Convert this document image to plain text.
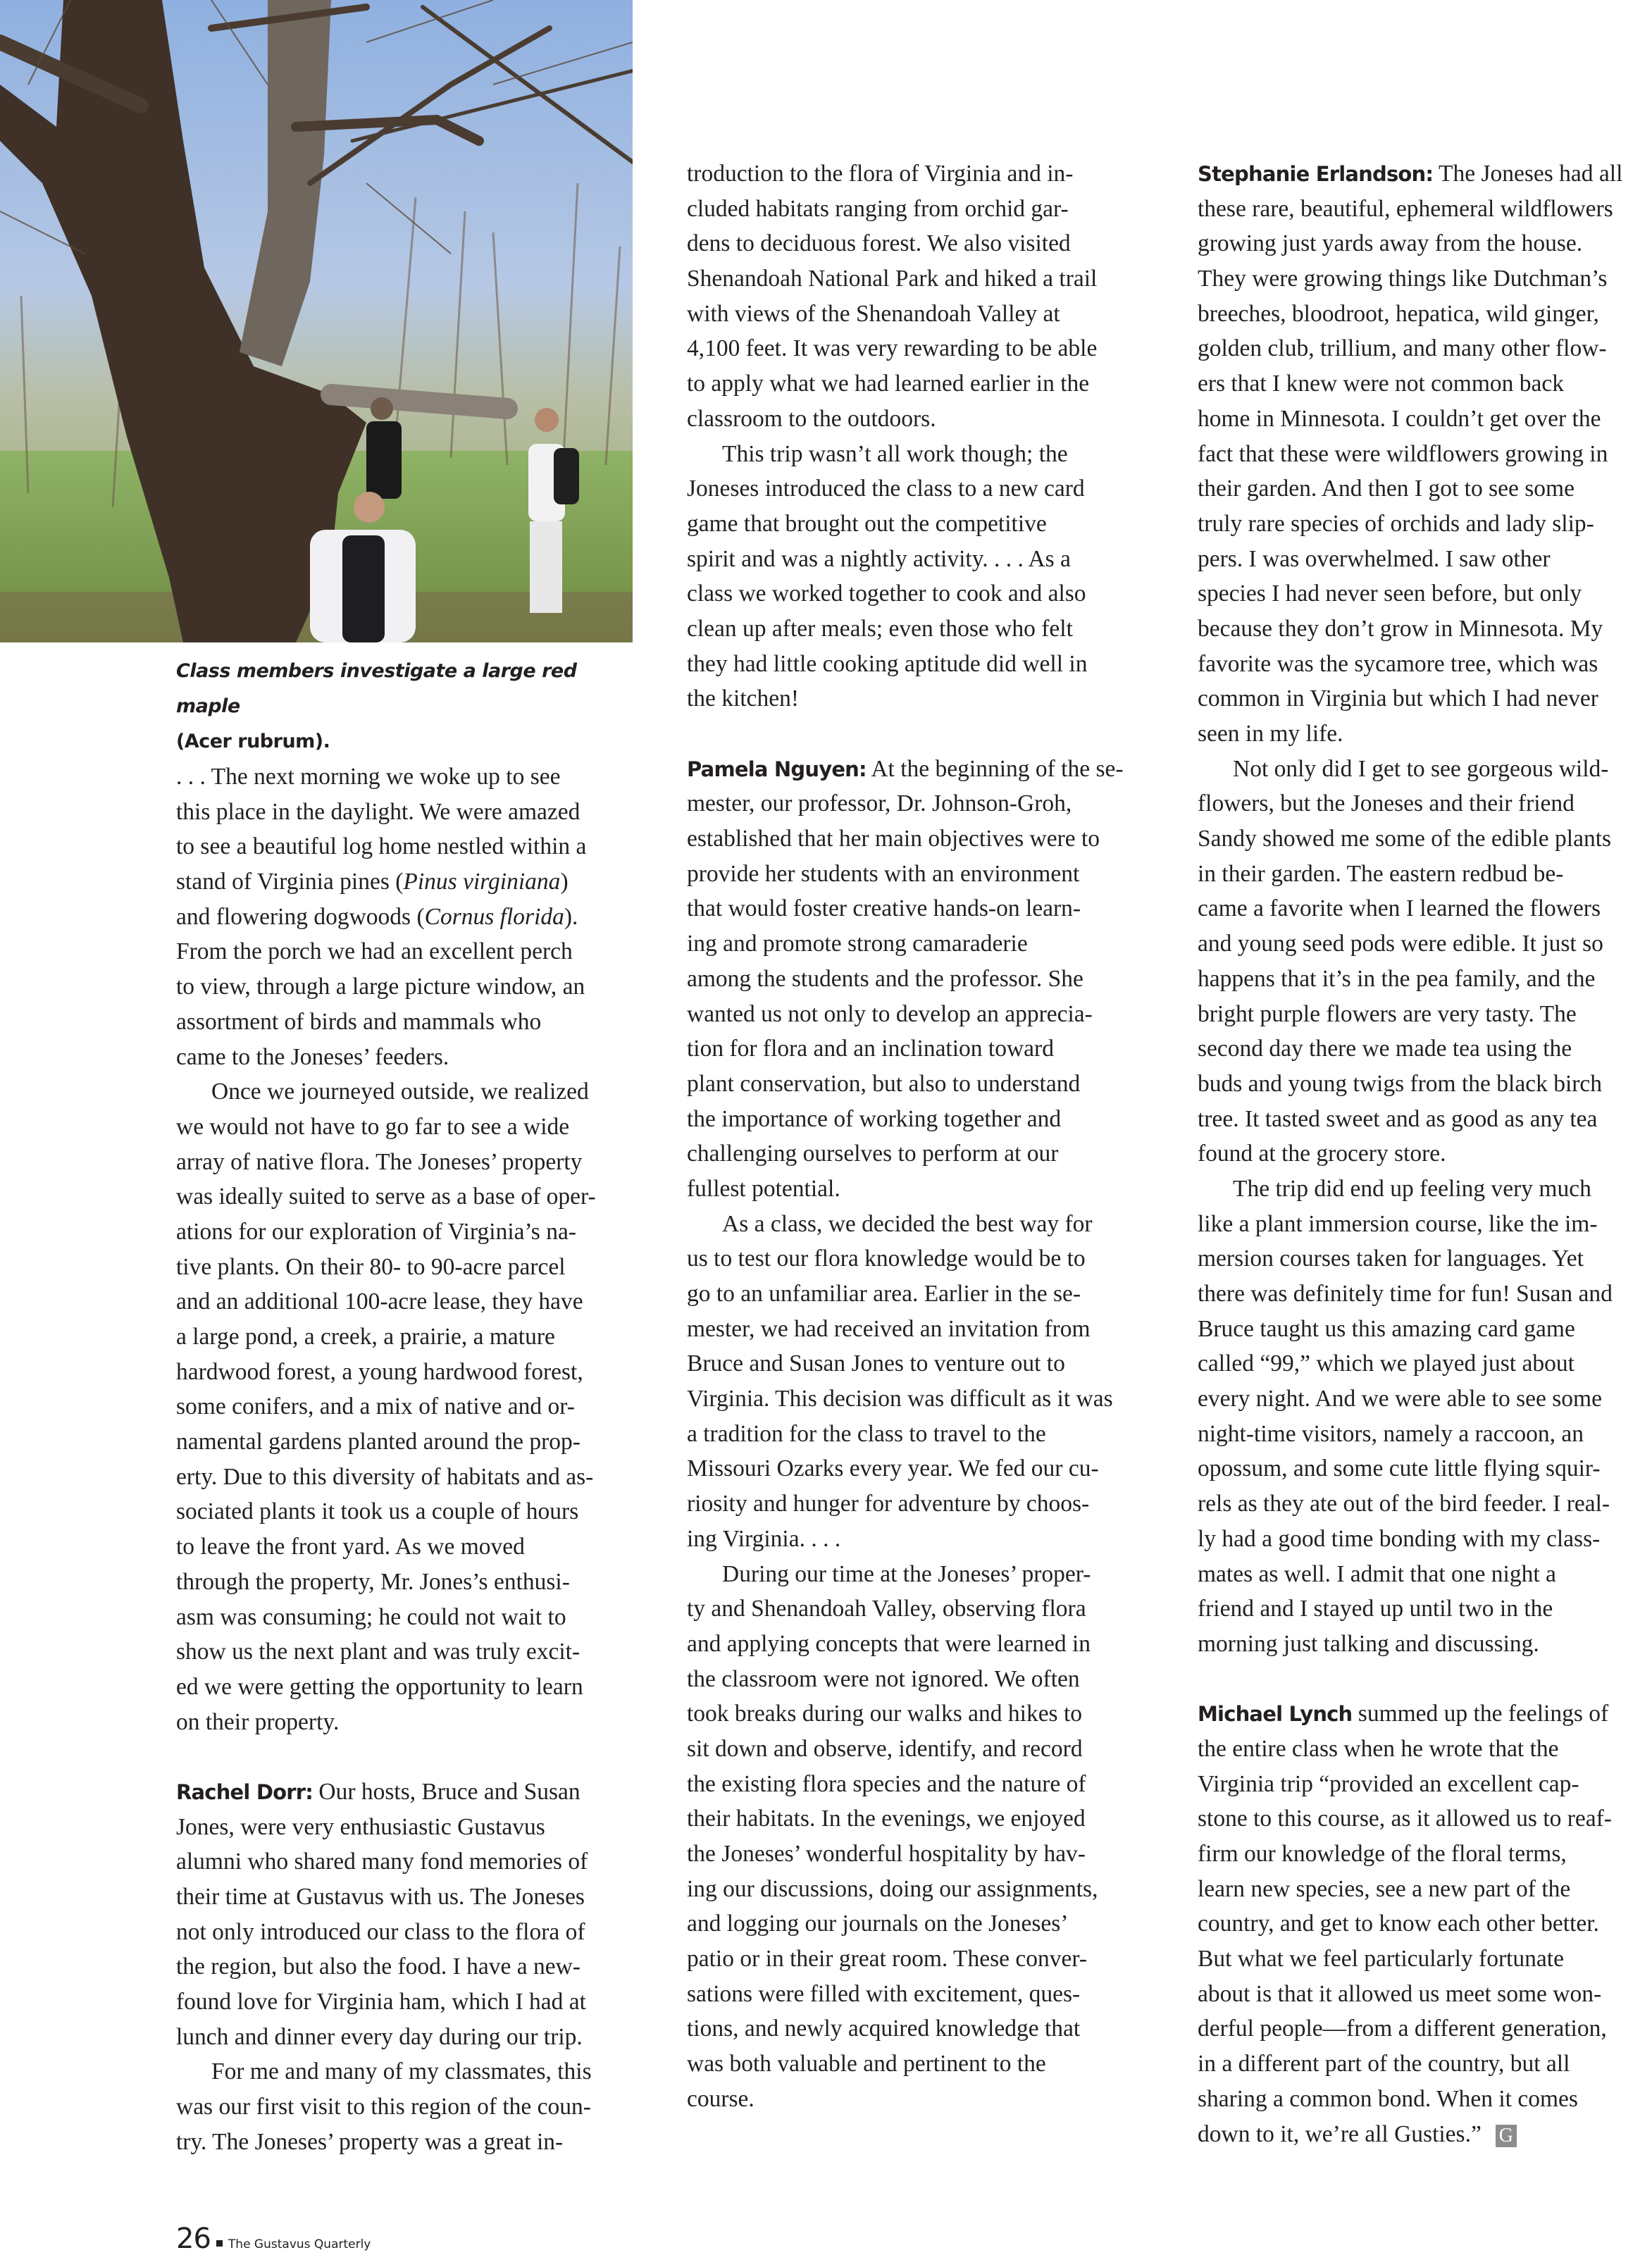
Class members investigate a large red maple
(Acer rubrum).
. . . The next morning we woke up to see
this place in the daylight. We were amazed
to see a beautiful log home nestled within a
stand of Virginia pines (Pinus virginiana)
and flowering dogwoods (Cornus florida).
From the porch we had an excellent perch
to view, through a large picture window, an
assortment of birds and mammals who
came to the Joneses’ feeders.
Once we journeyed outside, we realized
we would not have to go far to see a wide
array of native flora. The Joneses’ property
was ideally suited to serve as a base of oper-
ations for our exploration of Virginia’s na-
tive plants. On their 80- to 90-acre parcel
and an additional 100-acre lease, they have
a large pond, a creek, a prairie, a mature
hardwood forest, a young hardwood forest,
some conifers, and a mix of native and or-
namental gardens planted around the prop-
erty. Due to this diversity of habitats and as-
sociated plants it took us a couple of hours
to leave the front yard. As we moved
through the property, Mr. Jones’s enthusi-
asm was consuming; he could not wait to
show us the next plant and was truly excit-
ed we were getting the opportunity to learn
on their property.
Rachel Dorr: Our hosts, Bruce and Susan
Jones, were very enthusiastic Gustavus
alumni who shared many fond memories of
their time at Gustavus with us. The Joneses
not only introduced our class to the flora of
the region, but also the food. I have a new-
found love for Virginia ham, which I had at
lunch and dinner every day during our trip.
For me and many of my classmates, this
was our first visit to this region of the coun-
try. The Joneses’ property was a great in-
troduction to the flora of Virginia and in-
cluded habitats ranging from orchid gar-
dens to deciduous forest. We also visited
Shenandoah National Park and hiked a trail
with views of the Shenandoah Valley at
4,100 feet. It was very rewarding to be able
to apply what we had learned earlier in the
classroom to the outdoors.
This trip wasn’t all work though; the
Joneses introduced the class to a new card
game that brought out the competitive
spirit and was a nightly activity. . . . As a
class we worked together to cook and also
clean up after meals; even those who felt
they had little cooking aptitude did well in
the kitchen!
Pamela Nguyen: At the beginning of the se-
mester, our professor, Dr. Johnson-Groh,
established that her main objectives were to
provide her students with an environment
that would foster creative hands-on learn-
ing and promote strong camaraderie
among the students and the professor. She
wanted us not only to develop an apprecia-
tion for flora and an inclination toward
plant conservation, but also to understand
the importance of working together and
challenging ourselves to perform at our
fullest potential.
As a class, we decided the best way for
us to test our flora knowledge would be to
go to an unfamiliar area. Earlier in the se-
mester, we had received an invitation from
Bruce and Susan Jones to venture out to
Virginia. This decision was difficult as it was
a tradition for the class to travel to the
Missouri Ozarks every year. We fed our cu-
riosity and hunger for adventure by choos-
ing Virginia. . . .
During our time at the Joneses’ proper-
ty and Shenandoah Valley, observing flora
and applying concepts that were learned in
the classroom were not ignored. We often
took breaks during our walks and hikes to
sit down and observe, identify, and record
the existing flora species and the nature of
their habitats. In the evenings, we enjoyed
the Joneses’ wonderful hospitality by hav-
ing our discussions, doing our assignments,
and logging our journals on the Joneses’
patio or in their great room. These conver-
sations were filled with excitement, ques-
tions, and newly acquired knowledge that
was both valuable and pertinent to the
course.
Stephanie Erlandson: The Joneses had all
these rare, beautiful, ephemeral wildflowers
growing just yards away from the house.
They were growing things like Dutchman’s
breeches, bloodroot, hepatica, wild ginger,
golden club, trillium, and many other flow-
ers that I knew were not common back
home in Minnesota. I couldn’t get over the
fact that these were wildflowers growing in
their garden. And then I got to see some
truly rare species of orchids and lady slip-
pers. I was overwhelmed. I saw other
species I had never seen before, but only
because they don’t grow in Minnesota. My
favorite was the sycamore tree, which was
common in Virginia but which I had never
seen in my life.
Not only did I get to see gorgeous wild-
flowers, but the Joneses and their friend
Sandy showed me some of the edible plants
in their garden. The eastern redbud be-
came a favorite when I learned the flowers
and young seed pods were edible. It just so
happens that it’s in the pea family, and the
bright purple flowers are very tasty. The
second day there we made tea using the
buds and young twigs from the black birch
tree. It tasted sweet and as good as any tea
found at the grocery store.
The trip did end up feeling very much
like a plant immersion course, like the im-
mersion courses taken for languages. Yet
there was definitely time for fun! Susan and
Bruce taught us this amazing card game
called “99,” which we played just about
every night. And we were able to see some
night-time visitors, namely a raccoon, an
opossum, and some cute little flying squir-
rels as they ate out of the bird feeder. I real-
ly had a good time bonding with my class-
mates as well. I admit that one night a
friend and I stayed up until two in the
morning just talking and discussing.
Michael Lynch summed up the feelings of
the entire class when he wrote that the
Virginia trip “provided an excellent cap-
stone to this course, as it allowed us to reaf-
firm our knowledge of the floral terms,
learn new species, see a new part of the
country, and get to know each other better.
But what we feel particularly fortunate
about is that it allowed us meet some won-
derful people—from a different generation,
in a different part of the country, but all
sharing a common bond. When it comes
down to it, we’re all Gusties.” G
26 The Gustavus Quarterly
